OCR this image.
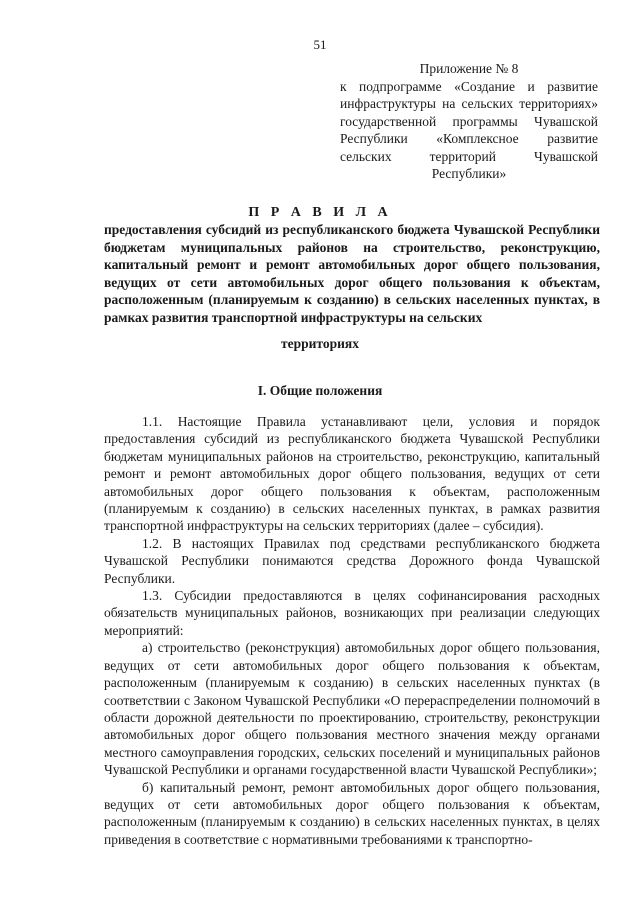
51
Приложение № 8
к подпрограмме «Создание и развитие инфраструктуры на сельских территориях» государственной программы Чувашской Республики «Комплексное развитие сельских территорий Чувашской Республики»
П Р А В И Л А
предоставления субсидий из республиканского бюджета Чувашской Республики бюджетам муниципальных районов на строительство, реконструкцию, капитальный ремонт и ремонт автомобильных дорог общего пользования, ведущих от сети автомобильных дорог общего пользования к объектам, расположенным (планируемым к созданию) в сельских населенных пунктах, в рамках развития транспортной инфраструктуры на сельских
территориях
I. Общие положения

1.1. Настоящие Правила устанавливают цели, условия и порядок предоставления субсидий из республиканского бюджета Чувашской Республики бюджетам муниципальных районов на строительство, реконструкцию, капитальный ремонт и ремонт автомобильных дорог общего пользования, ведущих от сети автомобильных дорог общего пользования к объектам, расположенным (планируемым к созданию) в сельских населенных пунктах, в рамках развития транспортной инфраструктуры на сельских территориях (далее – субсидия).

1.2. В настоящих Правилах под средствами республиканского бюджета Чувашской Республики понимаются средства Дорожного фонда Чувашской Республики.

1.3. Субсидии предоставляются в целях софинансирования расходных обязательств муниципальных районов, возникающих при реализации следующих мероприятий:

а) строительство (реконструкция) автомобильных дорог общего пользования, ведущих от сети автомобильных дорог общего пользования к объектам, расположенным (планируемым к созданию) в сельских населенных пунктах (в соответствии с Законом Чувашской Республики «О перераспределении полномочий в области дорожной деятельности по проектированию, строительству, реконструкции автомобильных дорог общего пользования местного значения между органами местного самоуправления городских, сельских поселений и муниципальных районов Чувашской Республики и органами государственной власти Чувашской Республики»;

б) капитальный ремонт, ремонт автомобильных дорог общего пользования, ведущих от сети автомобильных дорог общего пользования к объектам, расположенным (планируемым к созданию) в сельских населенных пунктах, в целях приведения в соответствие с нормативными требованиями к транспортно-
